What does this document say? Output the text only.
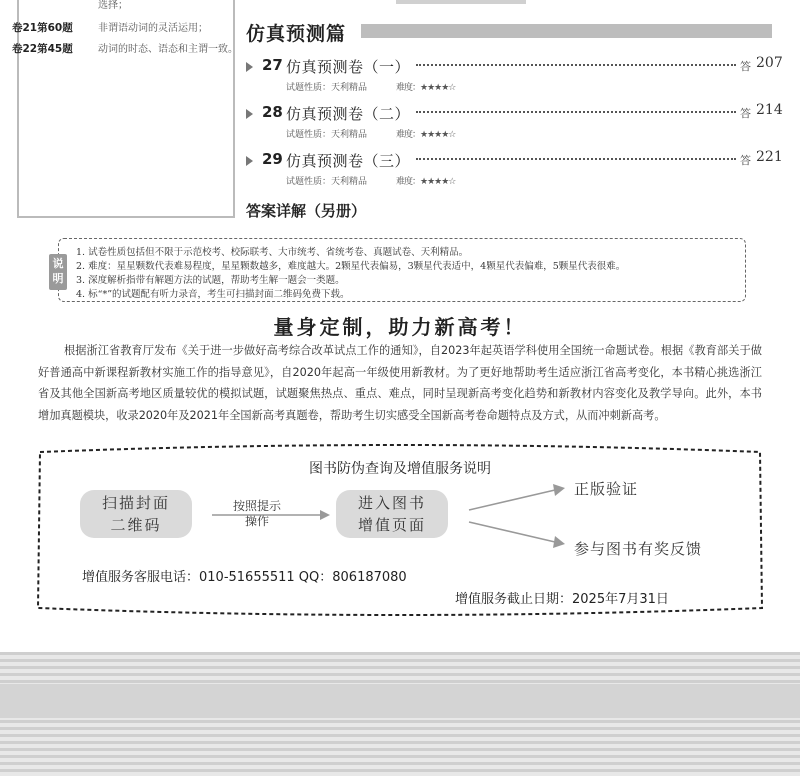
选择；
卷21第60题	非谓语动词的灵活运用；
卷22第45题	动词的时态、语态和主谓一致。
仿真预测篇
27 仿真预测卷（一）	答 207
试题性质：天利精品	难度：★★★★☆
28 仿真预测卷（二）	答 214
试题性质：天利精品	难度：★★★★☆
29 仿真预测卷（三）	答 221
试题性质：天利精品	难度：★★★★☆
答案详解（另册）
说明
1. 试卷性质包括但不限于示范校考、校际联考、大市统考、省统考卷、真题试卷、天利精品。
2. 难度：星星颗数代表难易程度，星星颗数越多，难度越大。2颗星代表偏易，3颗星代表适中，4颗星代表偏难，5颗星代表很难。
3. 深度解析指带有解题方法的试题，帮助考生解一题会一类题。
4. 标“*”的试题配有听力录音，考生可扫描封面二维码免费下载。
量身定制，助力新高考！
根据浙江省教育厅发布《关于进一步做好高考综合改革试点工作的通知》，自2023年起英语学科使用全国统一命题试卷。根据《教育部关于做好普通高中新课程新教材实施工作的指导意见》，自2020年起高一年级使用新教材。为了更好地帮助考生适应浙江省高考变化，本书精心挑选浙江省及其他全国新高考地区质量较优的模拟试题，试题聚焦热点、重点、难点，同时呈现新高考变化趋势和新教材内容变化及教学导向。此外，本书增加真题模块，收录2020年及2021年全国新高考真题卷，帮助考生切实感受全国新高考卷命题特点及方式，从而冲刺新高考。
图书防伪查询及增值服务说明
扫描封面
二维码
按照提示
操作
进入图书
增值页面
正版验证
参与图书有奖反馈
增值服务客服电话：010-51655511 QQ：806187080
增值服务截止日期：2025年7月31日
